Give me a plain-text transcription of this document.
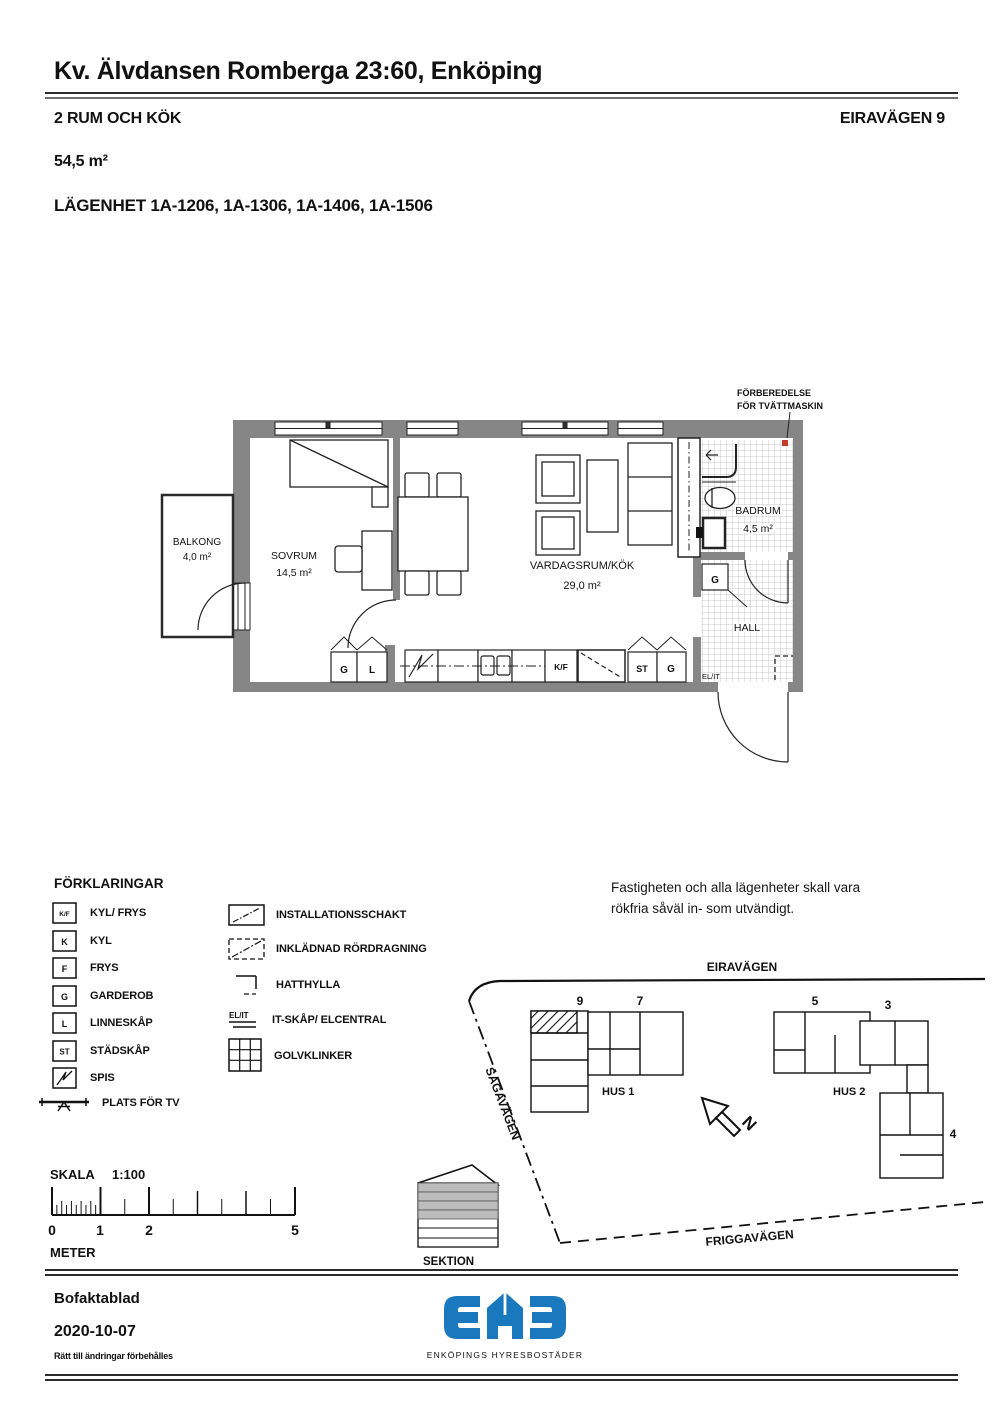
Kv. Älvdansen Romberga 23:60, Enköping
2 RUM OCH KÖK	EIRAVÄGEN 9
54,5 m²
LÄGENHET 1A-1206, 1A-1306, 1A-1406, 1A-1506
G L	K/F	ST G
G
EL/IT
FÖRBEREDELSE
FÖR TVÄTTMASKIN
BALKONG
4,0 m²	SOVRUM
14,5 m²
VARDAGSRUM/KÖK
29,0 m²
BADRUM
4,5 m²
HALL
FÖRKLARINGAR
K/F KYL/ FRYS
K KYL
F FRYS
G GARDEROB
L LINNESKÅP
ST STÄDSKÅP
SPIS
PLATS FÖR TV
INSTALLATIONSSCHAKT
INKLÄDNAD RÖRDRAGNING
HATTHYLLA
EL/IT IT-SKÅP/ ELCENTRAL
GOLVKLINKER
Fastigheten och alla lägenheter skall vara
rökfria såväl in- som utvändigt.
EIRAVÄGEN
SAGAVÄGEN
FRIGGAVÄGEN
9	7
HUS 1
N
5	3
4
HUS 2
SEKTION
SKALA 1:100
0	1	2	5
METER
Bofaktablad
2020-10-07
Rätt till ändringar förbehålles	ENKÖPINGS HYRESBOSTÄDER
